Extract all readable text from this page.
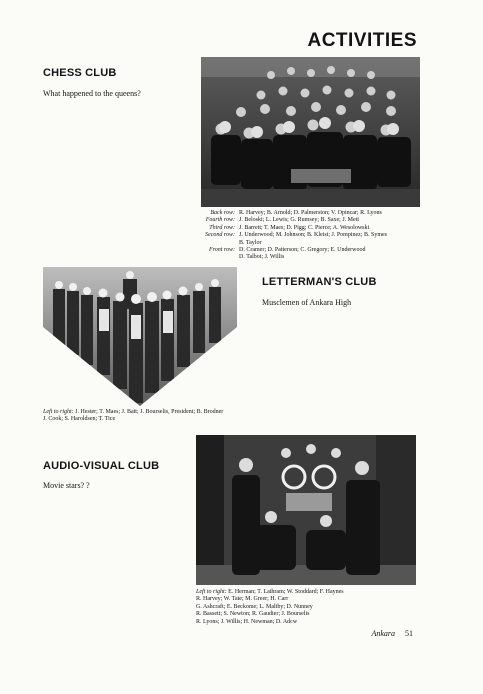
ACTIVITIES
CHESS CLUB
What happened to the queens?
Back row: R. Harvey; B. Arnold; D. Palmerston; V. Opincar; R. Lyons
Fourth row: J. Beloski; L. Lewis; G. Rumsey; B. Saxe; J. Mett
Third row: J. Barrett; T. Maes; D. Pigg; C. Pierce; A. Wesolowski
Second row: J. Underwood; M. Johnson; B. Kleist; J. Pompinez; B. Symes
B. Taylor
Front row: D. Cramer; D. Patterson; C. Gregory; E. Underwood
D. Talbot; J. Willis
LETTERMAN'S CLUB
Musclemen of Ankara High
Left to right: J. Hester; T. Maes; J. Batt; J. Bourselis, President; B. Brodner
J. Cook; S. Haroldsen; T. Tice
AUDIO-VISUAL CLUB
Movie stars? ?
Left to right: E. Herman; T. Lathram; W. Stoddard; F. Haynes
R. Harvey; W. Tate; M. Greer; H. Carr
G. Ashcraft; E. Beckome; L. Maltby; D. Nunney
R. Bassett; S. Newton; R. Gaudier; J. Bourselis
R. Lyons; J. Willis; H. Newman; D. Adcw
Ankara 51
